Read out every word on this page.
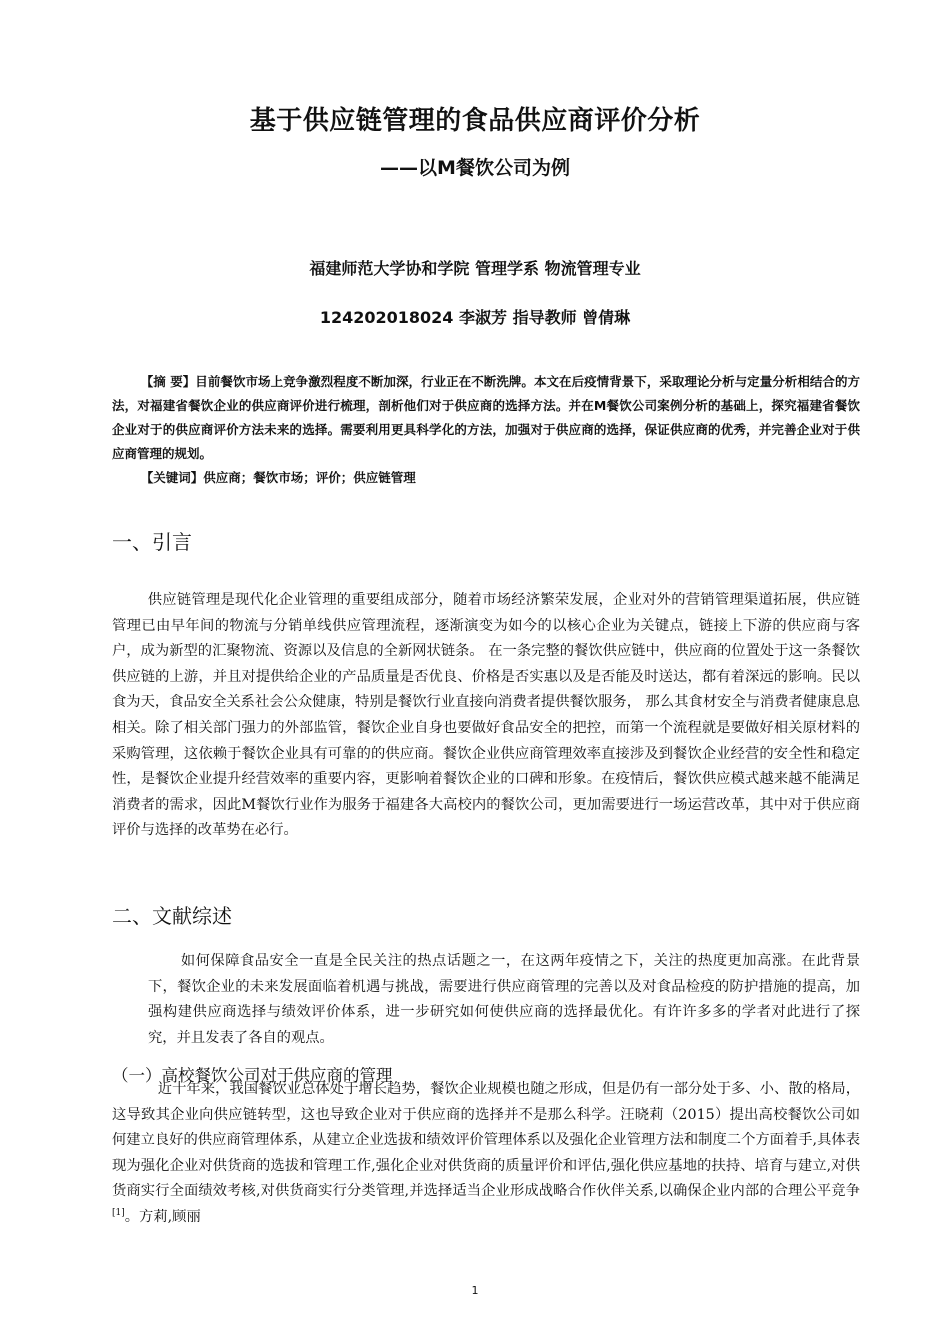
基于供应链管理的食品供应商评价分析
——以M餐饮公司为例
福建师范大学协和学院 管理学系 物流管理专业
124202018024 李淑芳 指导教师 曾倩琳
【摘 要】目前餐饮市场上竞争激烈程度不断加深，行业正在不断洗牌。本文在后疫情背景下，采取理论分析与定量分析相结合的方法，对福建省餐饮企业的供应商评价进行梳理，剖析他们对于供应商的选择方法。并在M餐饮公司案例分析的基础上，探究福建省餐饮企业对于的供应商评价方法未来的选择。需要利用更具科学化的方法，加强对于供应商的选择，保证供应商的优秀，并完善企业对于供应商管理的规划。
【关键词】供应商；餐饮市场；评价；供应链管理
一、引言
供应链管理是现代化企业管理的重要组成部分，随着市场经济繁荣发展，企业对外的营销管理渠道拓展，供应链管理已由早年间的物流与分销单线供应管理流程，逐渐演变为如今的以核心企业为关键点，链接上下游的供应商与客户，成为新型的汇聚物流、资源以及信息的全新网状链条。 在一条完整的餐饮供应链中，供应商的位置处于这一条餐饮供应链的上游，并且对提供给企业的产品质量是否优良、价格是否实惠以及是否能及时送达，都有着深远的影响。民以食为天，食品安全关系社会公众健康，特别是餐饮行业直接向消费者提供餐饮服务， 那么其食材安全与消费者健康息息相关。除了相关部门强力的外部监管，餐饮企业自身也要做好食品安全的把控，而第一个流程就是要做好相关原材料的采购管理，这依赖于餐饮企业具有可靠的的供应商。餐饮企业供应商管理效率直接涉及到餐饮企业经营的安全性和稳定性，是餐饮企业提升经营效率的重要内容，更影响着餐饮企业的口碑和形象。在疫情后，餐饮供应模式越来越不能满足消费者的需求，因此M餐饮行业作为服务于福建各大高校内的餐饮公司，更加需要进行一场运营改革，其中对于供应商评价与选择的改革势在必行。
二、文献综述
如何保障食品安全一直是全民关注的热点话题之一，在这两年疫情之下，关注的热度更加高涨。在此背景下，餐饮企业的未来发展面临着机遇与挑战，需要进行供应商管理的完善以及对食品检疫的防护措施的提高，加强构建供应商选择与绩效评价体系，进一步研究如何使供应商的选择最优化。有许许多多的学者对此进行了探究，并且发表了各自的观点。
（一）高校餐饮公司对于供应商的管理
近十年来，我国餐饮业总体处于增长趋势，餐饮企业规模也随之形成，但是仍有一部分处于多、小、散的格局，这导致其企业向供应链转型，这也导致企业对于供应商的选择并不是那么科学。汪晓莉（2015）提出高校餐饮公司如何建立良好的供应商管理体系，从建立企业选拔和绩效评价管理体系以及强化企业管理方法和制度二个方面着手,具体表现为强化企业对供货商的选拔和管理工作,强化企业对供货商的质量评价和评估,强化供应基地的扶持、培育与建立,对供货商实行全面绩效考核,对供货商实行分类管理,并选择适当企业形成战略合作伙伴关系,以确保企业内部的合理公平竞争[1]。方莉,顾丽
1
